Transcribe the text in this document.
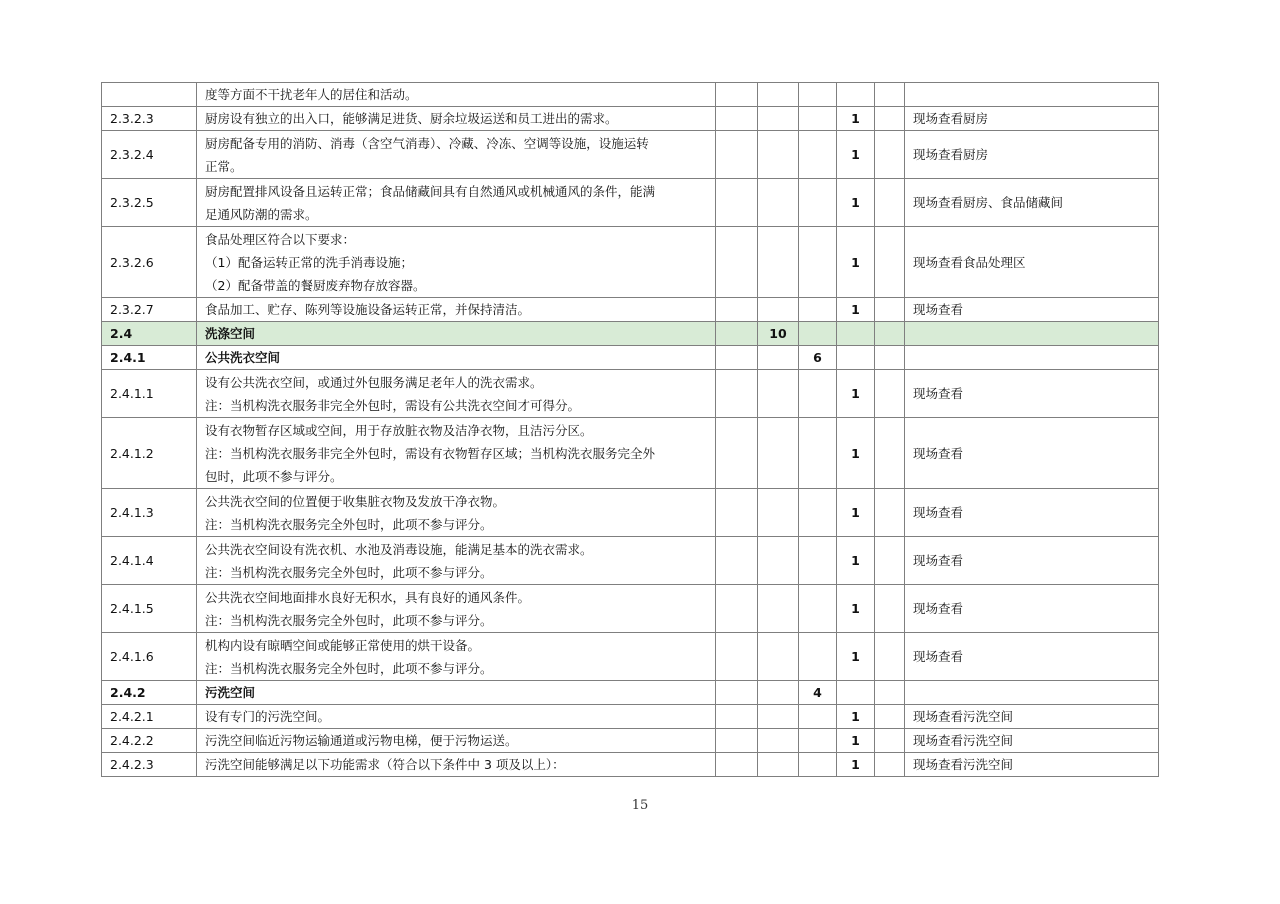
	度等方面不干扰老年人的居住和活动。						

2.3.2.3	厨房设有独立的出入口，能够满足进货、厨余垃圾运送和员工进出的需求。				1		现场查看厨房
2.3.2.4	厨房配备专用的消防、消毒（含空气消毒）、冷藏、冷冻、空调等设施，设施运转
正常。				1		现场查看厨房
2.3.2.5	厨房配置排风设备且运转正常；食品储藏间具有自然通风或机械通风的条件，能满
足通风防潮的需求。				1		现场查看厨房、食品储藏间
2.3.2.6	食品处理区符合以下要求：
（1）配备运转正常的洗手消毒设施；
（2）配备带盖的餐厨废弃物存放容器。				1		现场查看食品处理区
2.3.2.7	食品加工、贮存、陈列等设施设备运转正常，并保持清洁。				1		现场查看
2.4	洗涤空间		10				
2.4.1	公共洗衣空间			6			
2.4.1.1	设有公共洗衣空间，或通过外包服务满足老年人的洗衣需求。
注：当机构洗衣服务非完全外包时，需设有公共洗衣空间才可得分。				1		现场查看
2.4.1.2	设有衣物暂存区域或空间，用于存放脏衣物及洁净衣物，且洁污分区。
注：当机构洗衣服务非完全外包时，需设有衣物暂存区域；当机构洗衣服务完全外
包时，此项不参与评分。				1		现场查看
2.4.1.3	公共洗衣空间的位置便于收集脏衣物及发放干净衣物。
注：当机构洗衣服务完全外包时，此项不参与评分。				1		现场查看
2.4.1.4	公共洗衣空间设有洗衣机、水池及消毒设施，能满足基本的洗衣需求。
注：当机构洗衣服务完全外包时，此项不参与评分。				1		现场查看
2.4.1.5	公共洗衣空间地面排水良好无积水，具有良好的通风条件。
注：当机构洗衣服务完全外包时，此项不参与评分。				1		现场查看
2.4.1.6	机构内设有晾晒空间或能够正常使用的烘干设备。
注：当机构洗衣服务完全外包时，此项不参与评分。				1		现场查看
2.4.2	污洗空间			4			
2.4.2.1	设有专门的污洗空间。				1		现场查看污洗空间
2.4.2.2	污洗空间临近污物运输通道或污物电梯，便于污物运送。				1		现场查看污洗空间
2.4.2.3	污洗空间能够满足以下功能需求（符合以下条件中 3 项及以上）：				1		现场查看污洗空间
15
